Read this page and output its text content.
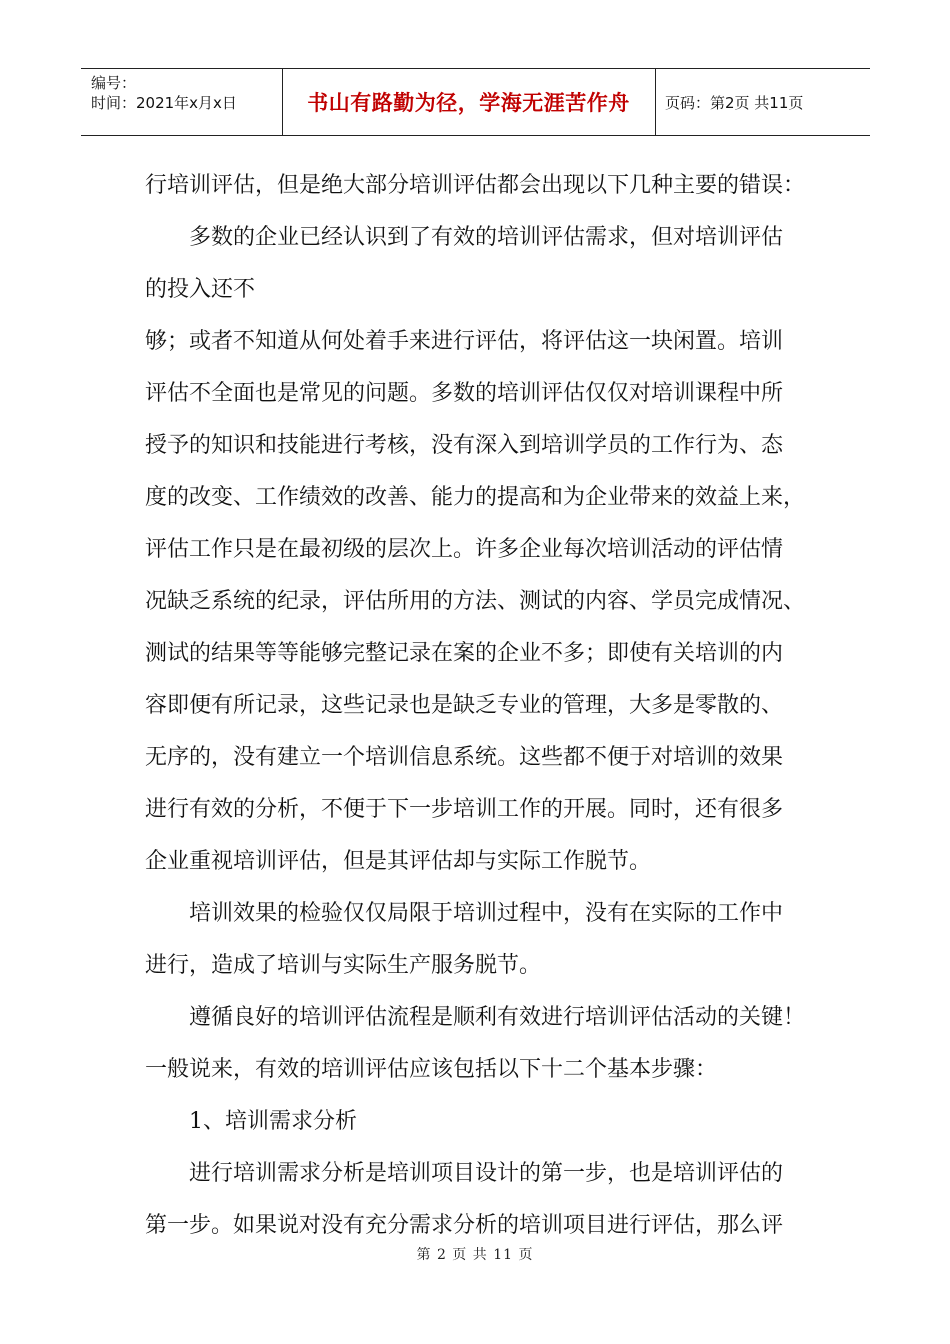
编号：
时间：2021年x月x日	书山有路勤为径，学海无涯苦作舟	页码：第2页 共11页
行培训评估，但是绝大部分培训评估都会出现以下几种主要的错误：
多数的企业已经认识到了有效的培训评估需求，但对培训评估
的投入还不
够；或者不知道从何处着手来进行评估，将评估这一块闲置。培训
评估不全面也是常见的问题。多数的培训评估仅仅对培训课程中所
授予的知识和技能进行考核，没有深入到培训学员的工作行为、态
度的改变、工作绩效的改善、能力的提高和为企业带来的效益上来，
评估工作只是在最初级的层次上。许多企业每次培训活动的评估情
况缺乏系统的纪录，评估所用的方法、测试的内容、学员完成情况、
测试的结果等等能够完整记录在案的企业不多；即使有关培训的内
容即便有所记录，这些记录也是缺乏专业的管理，大多是零散的、
无序的，没有建立一个培训信息系统。这些都不便于对培训的效果
进行有效的分析，不便于下一步培训工作的开展。同时，还有很多
企业重视培训评估，但是其评估却与实际工作脱节。
培训效果的检验仅仅局限于培训过程中，没有在实际的工作中
进行，造成了培训与实际生产服务脱节。
遵循良好的培训评估流程是顺利有效进行培训评估活动的关键！
一般说来，有效的培训评估应该包括以下十二个基本步骤：
1、培训需求分析
进行培训需求分析是培训项目设计的第一步，也是培训评估的
第一步。如果说对没有充分需求分析的培训项目进行评估，那么评
第 2 页 共 11 页
